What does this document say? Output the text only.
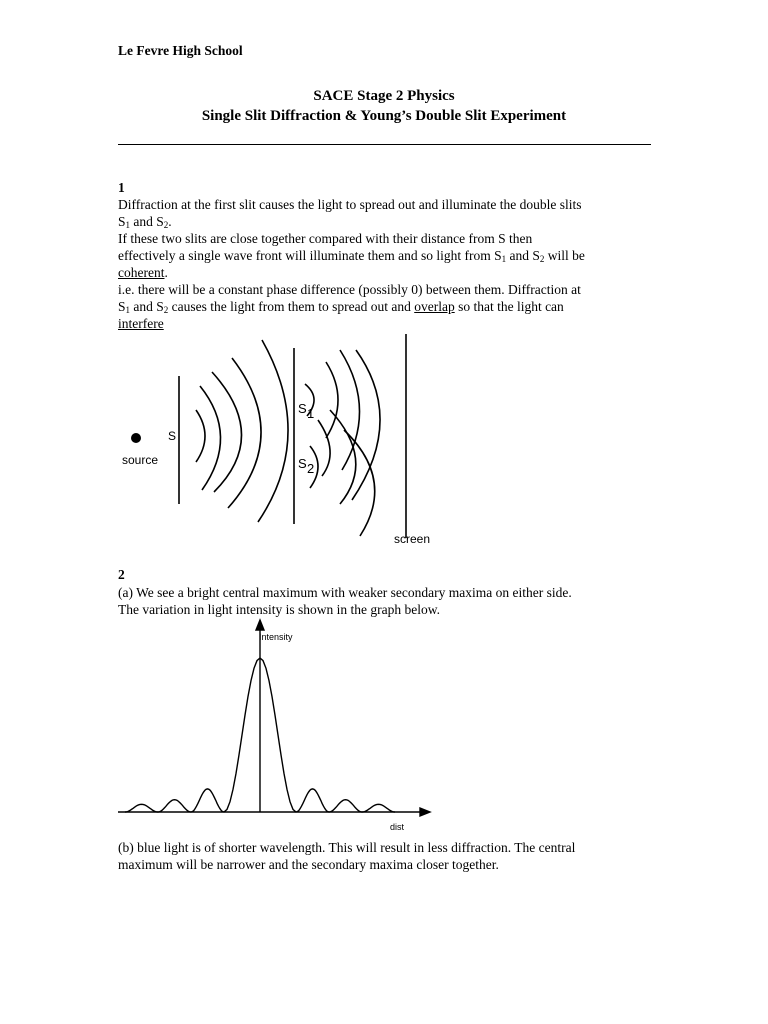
Le Fevre High School
SACE Stage 2 Physics
Single Slit Diffraction & Young’s Double Slit Experiment
1

Diffraction at the first slit causes the light to spread out and illuminate the double slits

$S_1$ and $S_2$.

If these two slits are close together compared with their distance from S then

effectively a single wave front will illuminate them and so light from $S_1$ and $S_2$ will be

coherent.

i.e. there will be a constant phase difference (possibly 0) between them. Diffraction at

$S_1$ and $S_2$ causes the light from them to spread out and overlap so that the light can

interfere

S
source
S 1
S 2
screen
2

(a) We see a bright central maximum with weaker secondary maxima on either side.

The variation in light intensity is shown in the graph below.

Intensity
dist

(b) blue light is of shorter wavelength. This will result in less diffraction. The central

maximum will be narrower and the secondary maxima closer together.
